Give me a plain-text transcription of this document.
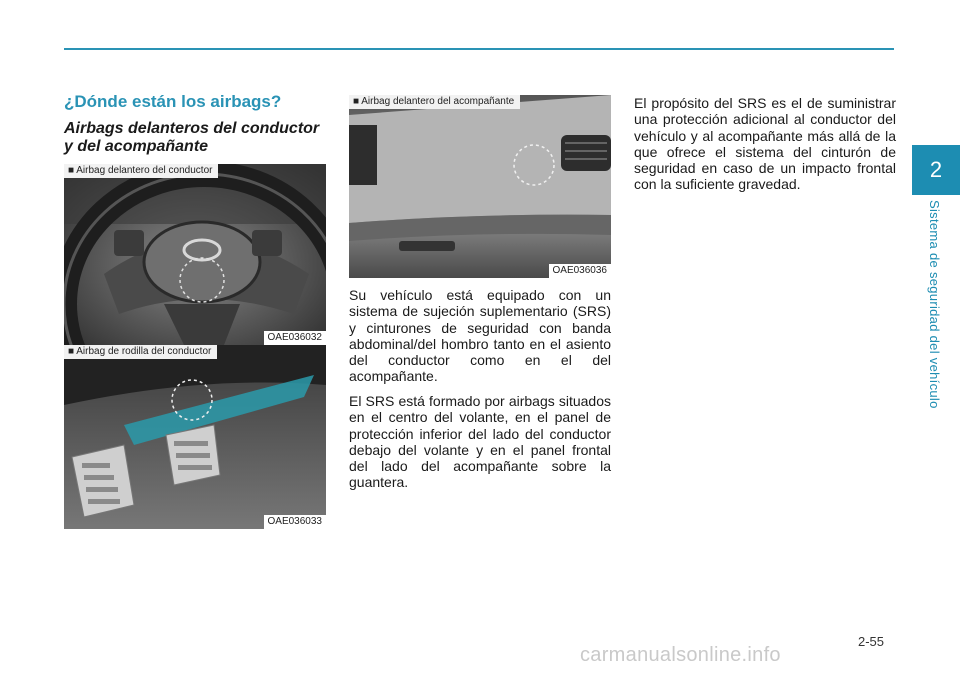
2
Sistema de seguridad del vehículo
¿Dónde están los airbags?
Airbags delanteros del conductor y del acompañante
■ Airbag delantero del conductor
OAE036032
■ Airbag de rodilla del conductor
OAE036033
■ Airbag delantero del acompañante
OAE036036

Su vehículo está equipado con un sistema de sujeción suplementario (SRS) y cinturones de seguridad con banda abdominal/del hombro tanto en el asiento del conductor como en el del acompañante.

El SRS está formado por airbags situados en el centro del volante, en el panel de protección inferior del lado del conductor debajo del volante y en el panel frontal del lado del acompañante sobre la guantera.

El propósito del SRS es el de suministrar una protección adicional al conductor del vehículo y al acompañante más allá de la que ofrece el sistema del cinturón de seguridad en caso de un impacto frontal con la suficiente gravedad.

2-55
carmanualsonline.info
